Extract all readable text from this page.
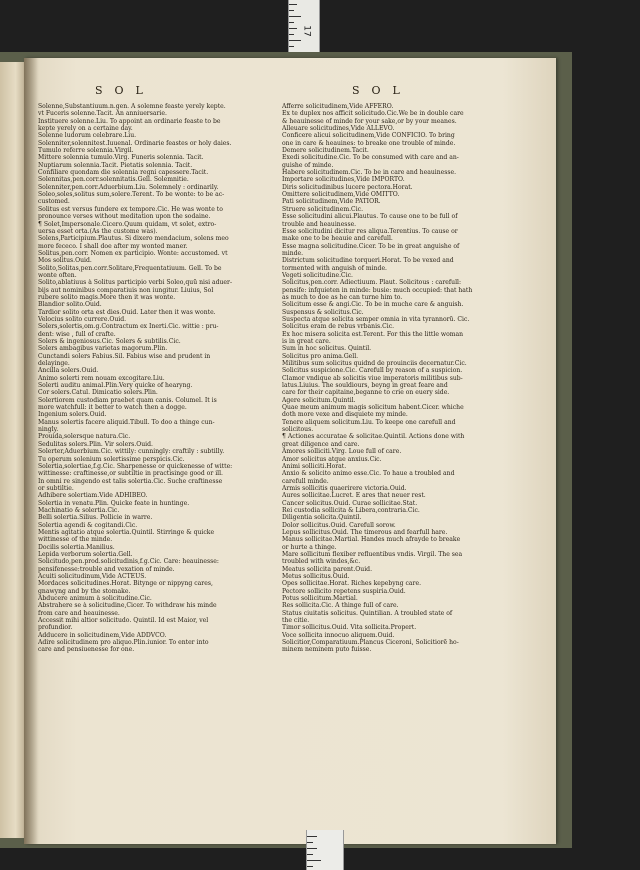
17
SOL	SOL
Solenne,Substantiuum.n.gen. A solemne feaste yerely kepte.
vt Fuceris solenne.Tacit. An anniuersarie.
Instituere solenne.Liu. To appoint an ordinarie feaste to be
kepte yerely on a certaine day.
Solenne ludorum celebrare.Liu.
Solenniter,solennitest.Iuuenal. Ordinarie feastes or holy daies.
Tumulo referre solennia.Virgil.
Mittere solennia tumulo.Virg. Funeris solennia. Tacit.
Nuptiarum solennia.Tacit. Pietatis solennia. Tacit.
Confiliare quondam die solennia regni capessere.Tacit.
Solennitas,pen.corr.solennitatis.Gell. Solemnitie.
Solenniter,pen.corr.Aduerbium.Liu. Solemnely : ordinarily.
Soleo,soles,solitus sum,solere.Terent. To be wonte: to be ac-
customed.
Solitus est versus fundere ex tempore.Cic. He was wonte to
pronounce verses without meditation upon the sodaine.
¶ Solet,Impersonale.Cicero.Quum quidam, vt solet, extro-
uersa esset orta.(As the custome was).
Solens,Participium.Plautus. Si dixero mendacium, solens meo
more fececo. I shall doe after my wonted maner.
Solitus,pen.corr. Nomen ex participio. Wonte: accustomed. vt
Mos solitus.Ouid.
Solito,Solitas,pen.corr.Solitare,Frequentatiuum. Gell. To be
wonte often.
Solito,ablatiuus à Solitus participio verbi Soleo,quũ nisi aduer-
bijs aut nominibus comparatiuis non iungitur. Liuius, Sol
rubere solito magis.More then it was wonte.
Blandior solito.Ouid.
Tardior solito orta est dies.Ouid. Later then it was wonte.
Velocius solito currere.Ouid.
Solers,solertis,om.g.Contractum ex Inerti.Cic. wittie : pru-
dent: wise , full of crafte.
Solers & ingeniosus.Cic. Solers & subtilis.Cic.
Solers ambagibus varietas magorum.Plin.
Cunctandi solers Fabius.Sil. Fabius wise and prudent in
delayinge.
Ancilla solers.Ouid.
Animo solerti rem nouam excogitare.Liu.
Solerti auditu animal.Plin.Very quicke of hearyng.
Cor solers.Catul. Dimicatio solers.Plin.
Solertiorem custodiam praebet quam canis. Columel. It is
more watchfull: it better to watch then a dogge.
Ingenium solers.Ouid.
Manus solertis facere aliquid.Tibull. To doo a thinge cun-
ningly.
Prouida,solersque natura.Cic.
Sedulitas solers.Plin. Vir solers.Ouid.
Solerter,Aduerbium.Cic. wittily: cunningly: craftily : subtilly.
Tu operum solenium solertissime perspicis.Cic.
Solertia,solertiae,f.g.Cic. Sharpenesse or quickenesse of witte:
wittinesse: craftinesse,or subtiltie in practisinge good or ill.
In omni re singendo est talis solertia.Cic. Suche craftinesse
or subtiltie.
Adhibere solertiam.Vide ADHIBEO.
Solertia in venatu.Plin. Quicke feate in huntinge.
Machinatio & solertia.Cic.
Belli solertia.Silius. Pollicie in warre.
Solertia agendi & cogitandi.Cic.
Mentis agitatio atque solertia.Quintil. Stirringe & quicke
wittinesse of the minde.
Docilis solertia.Manilius.
Lepida verborum solertia.Gell.
Solicitudo,pen.prod.solicitudinis,f.g.Cic. Care: heauinesse:
pensifenesse:trouble and vexation of minde.
Acuiti solicitudinum,Vide ACTEUS.
Mordaces solicitudines.Horat. Bitynge or nippyng cares,
gnawyng and by the stomake.
Abducere animum à solicitudine.Cic.
Abstrahere se à solicitudine,Cicer. To withdraw his minde
from care and heauinesse.
Accessit mihi altior solicitudo. Quintil. Id est Maior, vel
profundior.
Adducere in solicitudinem,Vide ADDVCO.
Adire solicitudinem pro aliquo.Plin.iunior. To enter into
care and pensiuenesse for one.
Afferre solicitudinem,Vide AFFERO.
Ex te duplex nos afficit solicitudo.Cic.We be in double care
& heauinesse of minde for your sake,or by your meanes.
Alleuare solicitudines,Vide ALLEVO.
Conficere alicui solicitudinem,Vide CONFICIO. To bring
one in care & heauines: to breake one trouble of minde.
Demere solicitudinem.Tacit.
Exedi solicitudine.Cic. To be consumed with care and an-
guishe of minde.
Habere solicitudinem.Cic. To be in care and heauinesse.
Importare solicitudines,Vide IMPORTO.
Diris solicitudinibus lucere pectora.Horat.
Omittere solicitudinem,Vide OMITTO.
Pati solicitudinem,Vide PATIOR.
Struere solicitudinem.Cic.
Esse solicitudini alicui.Plautus. To cause one to be full of
trouble and heauinesse.
Esse solicitudini dicitur res aliqua.Terentius. To cause or
make one to be heauie and carefull.
Esse magna solicitudine.Cicer. To be in great anguishe of
minde.
Districtum solicitudine torqueri.Horat. To be vexed and
tormented with anguish of minde.
Vegeti solicitudine.Cic.
Solicitus,pen.corr. Adiectiuum. Plaut. Solicitous : carefull:
pensife: infquieten in minde: busie: much occupied: that hath
as much to doe as he can turne him to.
Solicitum esse & angi.Cic. To be in muche care & anguish.
Suspensus & solicitus.Cic.
Suspecta atque solicita semper omnia in vita tyrannorũ. Cic.
Solicitus eram de rebus vrbanis.Cic.
Ex hoc misera solicita est.Terent. For this the little woman
is in great care.
Sum in hoc solicitus. Quintil.
Solicitus pro anima.Gell.
Militibus sum solicitus quidnd de prouinciis decernatur.Cic.
Solicitus suspicione.Cic. Carefull by reason of a suspicion.
Clamor vndique ab solicitis viue imperatoris militibus sub-
latus.Liuius. The souldiours, beyng in great feare and
care for their capitaine,beganne to crie on euery side.
Agere solicitum.Quintil.
Quae meum animum magis solicitum habent.Cicer. whiche
doth more vexe and disquiete my minde.
Tenere aliquem solicitum.Liu. To keepe one carefull and
solicitous.
¶ Actiones accuratae & solicitae.Quintil. Actions done with
great diligence and care.
Amores solliciti.Virg. Loue full of care.
Amor solicitus atque anxius.Cic.
Animi solliciti.Horat.
Anxio & solicito animo esse.Cic. To haue a troubled and
carefull minde.
Armis sollicitis quaerirere victoria.Ouid.
Aures sollicitae.Lucret. E ares that neuer rest.
Cancer solicitus.Ouid. Curae sollicitae.Stat.
Rei custodia sollicita & Libera,contraria.Cic.
Diligentia solicita.Quintil.
Dolor sollicitus.Ouid. Carefull sorow.
Lepus sollicitus.Ouid. The timerous and fearfull hare.
Manus sollicitae.Martial. Handes much afrayde to breake
or hurte a thinge.
Mare sollicitum flexiber refluentibus vndis. Virgil. The sea
troubled with windes,&c.
Meatus sollicita parent.Ouid.
Metus sollicitus.Ouid.
Opes sollicitae.Horat. Riches kepebyng care.
Pectore sollicito repetens suspiria.Ouid.
Potus sollicitum.Martial.
Res sollicita.Cic. A thinge full of care.
Status ciuitatis solicitus. Quintilian. A troubled state of
the citie.
Timor sollicitus.Ouid. Vita sollicita.Propert.
Voce sollicita innocuo aliquem.Ouid.
Solicitior,Comparatiuum.Plancus Ciceroni, Solicitiorẽ ho-
minem neminem puto fuisse.
